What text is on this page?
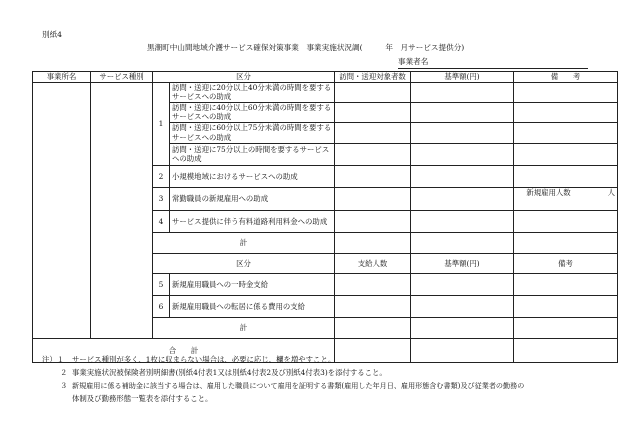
別紙4
黒潮町中山間地域介護サービス確保対策事業　事業実施状況調(　　　年　月サービス提供分)
事業者名
事業所名	サービス種別	区分		訪問・送迎対象者数	基準額(円)	備　　考
		1	訪問・送迎に20分以上40分未満の時間を要するサービスへの助成			
			訪問・送迎に40分以上60分未満の時間を要するサービスへの助成			
			訪問・送迎に60分以上75分未満の時間を要するサービスへの助成			
			訪問・送迎に75分以上の時間を要するサービスへの助成			
		2	小規模地域におけるサービスへの助成			
		3	常勤職員の新規雇用への助成			新規雇用人数　　　　　人
		4	サービス提供に伴う有料道路利用料金への助成			
		計				
		区分		支給人数	基準額(円)	備考
		5	新規雇用職員への一時金支給			
		6	新規雇用職員への転居に係る費用の支給			
		計				
合　　計						
注）１ サービス種別が多く、1枚に収まらない場合は、必要に応じ、欄を増やすこと。
２ 事業実施状況被保険者別明細書(別紙4付表1又は別紙4付表2及び別紙4付表3)を添付すること。
３ 新規雇用に係る補助金に該当する場合は、雇用した職員について雇用を証明する書類(雇用した年月日、雇用形態含む書類)及び従業者の勤務の
体制及び勤務形態一覧表を添付すること。
